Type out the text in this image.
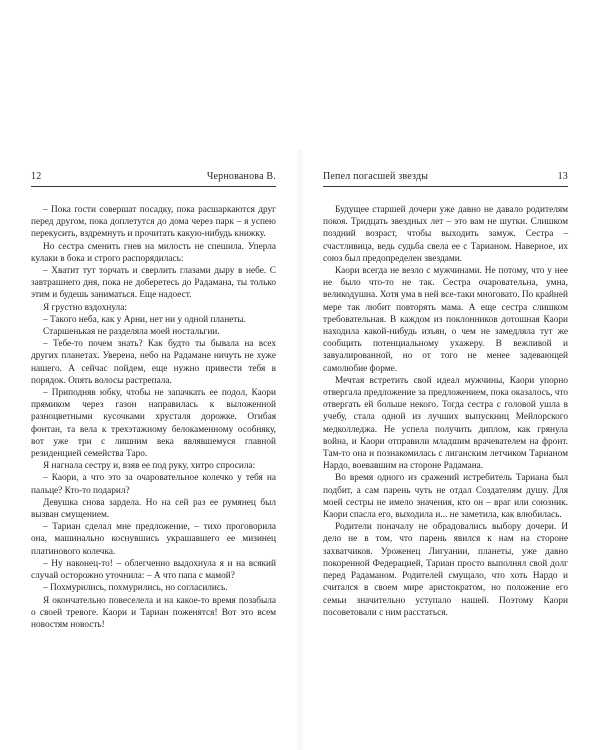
12	Чернованова В.

– Пока гости совершат посадку, пока расшаркаются друг перед другом, пока доплетутся до дома через парк – я успею перекусить, вздремнуть и прочитать какую-нибудь книжку.

Но сестра сменить гнев на милость не спешила. Уперла кулаки в бока и строго распорядилась:

– Хватит тут торчать и сверлить глазами дыру в небе. С завтрашнего дня, пока не доберетесь до Радамана, ты только этим и будешь заниматься. Еще надоест.

Я грустно вздохнула:

– Такого неба, как у Арни, нет ни у одной планеты.

Старшенькая не разделяла моей ностальгии.

– Тебе-то почем знать? Как будто ты бывала на всех других планетах. Уверена, небо на Радамане ничуть не хуже нашего. А сейчас пойдем, еще нужно привести тебя в порядок. Опять волосы растрепала.

– Приподняв юбку, чтобы не запачкать ее подол, Каори прямиком через газон направилась к выложенной разноцветными кусочками хрусталя дорожке. Огибая фонтан, та вела к трехэтажному белокаменному особняку, вот уже три с лишним века являвшемуся главной резиденцией семейства Таро.

Я нагнала сестру и, взяв ее под руку, хитро спросила:

– Каори, а что это за очаровательное колечко у тебя на пальце? Кто-то подарил?

Девушка снова зардела. Но на сей раз ее румянец был вызван смущением.

– Тариан сделал мне предложение, – тихо проговорила она, машинально коснувшись украшавшего ее мизинец платинового колечка.

– Ну наконец-то! – облегченно выдохнула я и на всякий случай осторожно уточнила: – А что папа с мамой?

– Похмурились, похмурились, но согласились.

Я окончательно повеселела и на какое-то время позабыла о своей тревоге. Каори и Тариан поженятся! Вот это всем новостям новость!

Пепел погасшей звезды	13

Будущее старшей дочери уже давно не давало родителям покоя. Тридцать звездных лет – это вам не шутки. Слишком поздний возраст, чтобы выходить замуж. Сестра – счастливица, ведь судьба свела ее с Тарианом. Наверное, их союз был предопределен звездами.

Каори всегда не везло с мужчинами. Не потому, что у нее не было что-то не так. Сестра очаровательна, умна, великодушна. Хотя ума в ней все-таки многовато. По крайней мере так любит повторять мама. А еще сестра слишком требовательная. В каждом из поклонников дотошная Каори находила какой-нибудь изъян, о чем не замедляла тут же сообщить потенциальному ухажеру. В вежливой и завуалированной, но от того не менее задевающей самолюбие форме.

Мечтая встретить свой идеал мужчины, Каори упорно отвергала предложение за предложением, пока оказалось, что отвергать ей больше некого. Тогда сестра с головой ушла в учебу, стала одной из лучших выпускниц Мейлорского медколледжа. Не успела получить диплом, как грянула война, и Каори отправили младшим врачевателем на фронт. Там-то она и познакомилась с лиганским летчиком Тарианом Нардо, воевавшим на стороне Радамана.

Во время одного из сражений истребитель Тариана был подбит, а сам парень чуть не отдал Создателям душу. Для моей сестры не имело значения, кто он – враг или союзник. Каори спасла его, выходила и... не заметила, как влюбилась.

Родители поначалу не обрадовались выбору дочери. И дело не в том, что парень явился к нам на стороне захватчиков. Уроженец Лигуании, планеты, уже давно покоренной Федерацией, Тариан просто выполнял свой долг перед Радаманом. Родителей смущало, что хоть Нардо и считался в своем мире аристократом, но положение его семьи значительно уступало нашей. Поэтому Каори посоветовали с ним расстаться.
